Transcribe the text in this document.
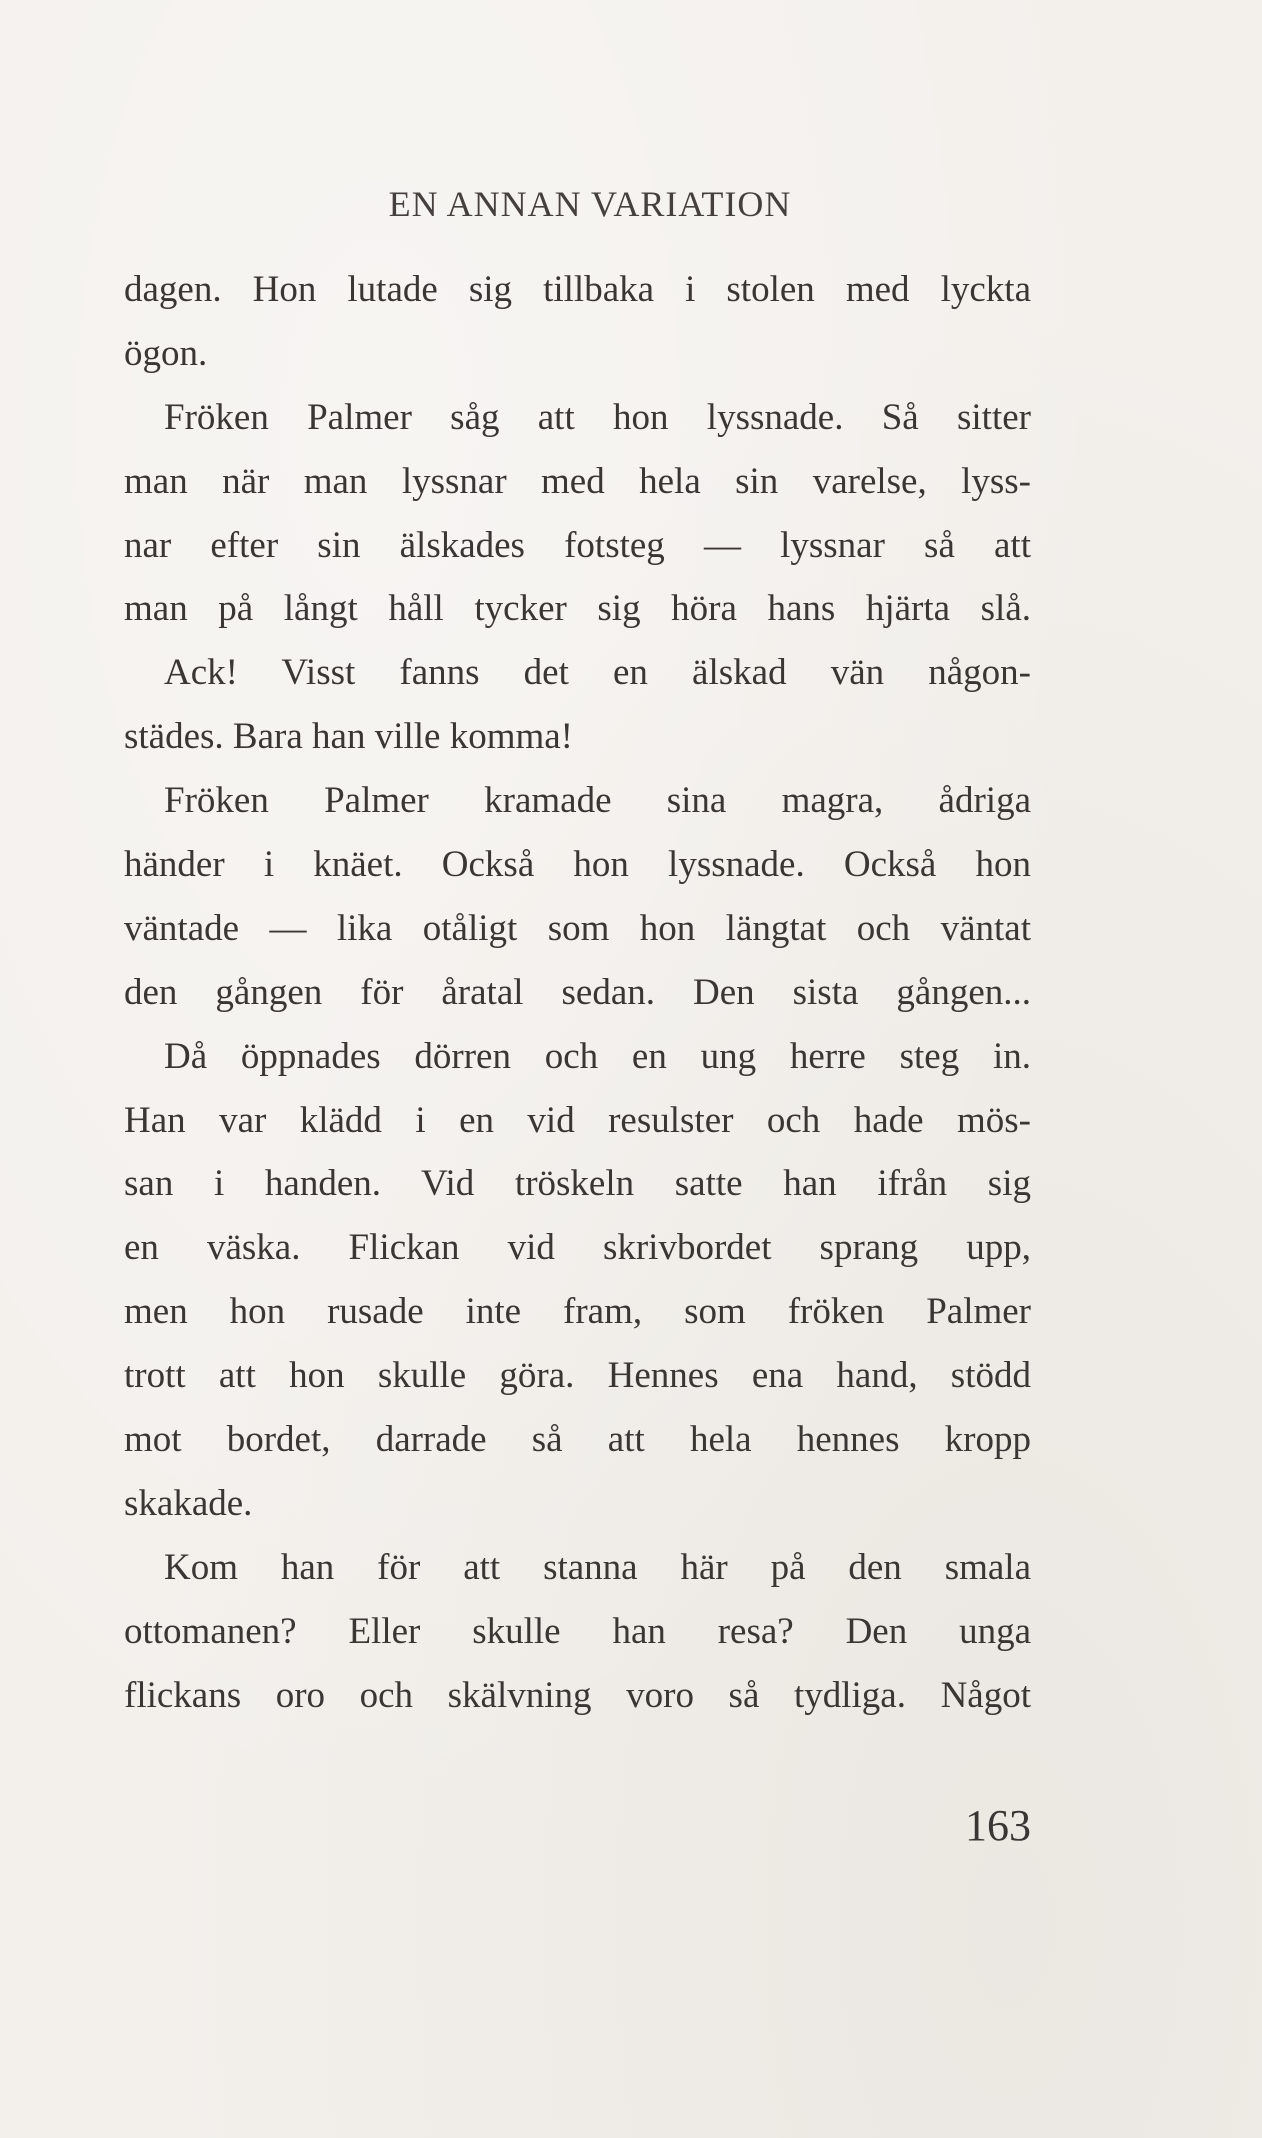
EN ANNAN VARIATION
dagen. Hon lutade sig tillbaka i stolen med lyckta
ögon.
Fröken Palmer såg att hon lyssnade. Så sitter
man när man lyssnar med hela sin varelse, lyss-
nar efter sin älskades fotsteg — lyssnar så att
man på långt håll tycker sig höra hans hjärta slå.
Ack! Visst fanns det en älskad vän någon-
städes. Bara han ville komma!
Fröken Palmer kramade sina magra, ådriga
händer i knäet. Också hon lyssnade. Också hon
väntade — lika otåligt som hon längtat och väntat
den gången för åratal sedan. Den sista gången...
Då öppnades dörren och en ung herre steg in.
Han var klädd i en vid resulster och hade mös-
san i handen. Vid tröskeln satte han ifrån sig
en väska. Flickan vid skrivbordet sprang upp,
men hon rusade inte fram, som fröken Palmer
trott att hon skulle göra. Hennes ena hand, stödd
mot bordet, darrade så att hela hennes kropp
skakade.
Kom han för att stanna här på den smala
ottomanen? Eller skulle han resa? Den unga
flickans oro och skälvning voro så tydliga. Något
163
